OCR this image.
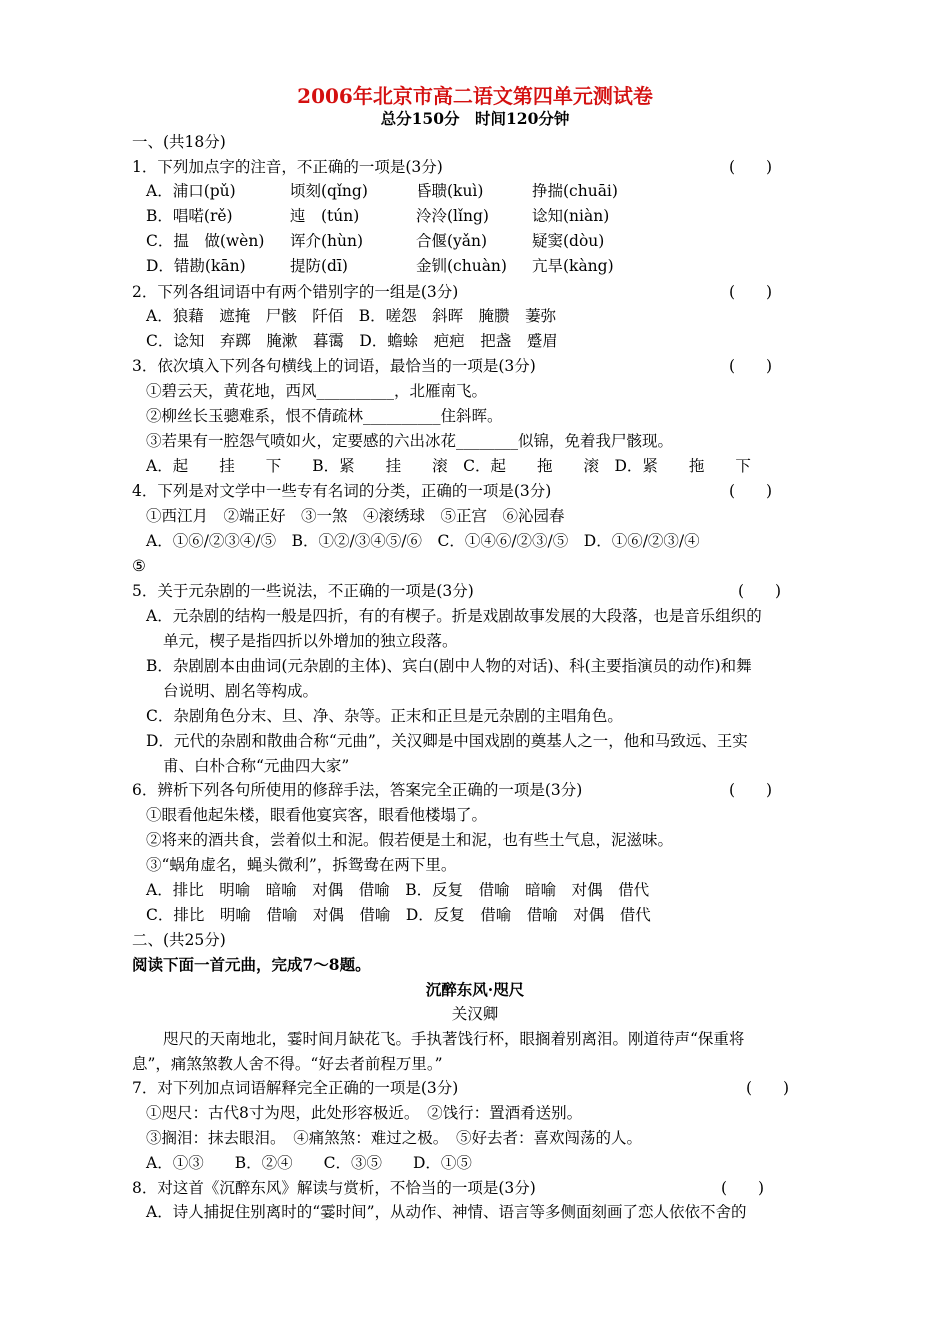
2006年北京市高二语文第四单元测试卷
总分150分　时间120分钟
一、(共18分)
1．下列加点字的注音，不正确的一项是(3分)	(　　)
A．浦口(pǔ)	顷刻(qǐng)	昏聩(kuì)	挣揣(chuāi)
B．唱喏(rě)	迍　(tún)	泠泠(lǐng)	谂知(niàn)
C．揾　做(wèn) 诨介(hùn)	合偃(yǎn)	疑窦(dòu)
D．错勘(kān)	提防(dī)	金钏(chuàn) 亢旱(kàng)
2．下列各组词语中有两个错别字的一组是(3分)	(　　)
A．狼藉　遮掩　尸骸　阡佰　B．嗟怨　斜晖　腌臜　萋弥
C．谂知　弃踯　腌漱　暮霭　D．蟾蜍　疤疤　把盏　蹙眉
3．依次填入下列各句横线上的词语，最恰当的一项是(3分)	(　　)
①碧云天，黄花地，西风__________，北雁南飞。
②柳丝长玉骢难系，恨不倩疏林__________住斜晖。
③若果有一腔怨气喷如火，定要感的六出冰花________似锦，免着我尸骸现。
A．起　　挂　　下　　B．紧　　挂　　滚　C．起　　拖　　滚　D．紧　　拖　　下
4．下列是对文学中一些专有名词的分类，正确的一项是(3分)	(　　)
①西江月　②端正好　③一煞　④滚绣球　⑤正宫　⑥沁园春
A．①⑥/②③④/⑤　B．①②/③④⑤/⑥　C．①④⑥/②③/⑤　D．①⑥/②③/④
⑤
5．关于元杂剧的一些说法，不正确的一项是(3分)	(　　)
A．元杂剧的结构一般是四折，有的有楔子。折是戏剧故事发展的大段落，也是音乐组织的
单元，楔子是指四折以外增加的独立段落。
B．杂剧剧本由曲词(元杂剧的主体)、宾白(剧中人物的对话)、科(主要指演员的动作)和舞
台说明、剧名等构成。
C．杂剧角色分末、旦、净、杂等。正末和正旦是元杂剧的主唱角色。
D．元代的杂剧和散曲合称“元曲”，关汉卿是中国戏剧的奠基人之一，他和马致远、王实
甫、白朴合称“元曲四大家”
6．辨析下列各句所使用的修辞手法，答案完全正确的一项是(3分)	(　　)
①眼看他起朱楼，眼看他宴宾客，眼看他楼塌了。
②将来的酒共食，尝着似土和泥。假若便是土和泥，也有些土气息，泥滋味。
③“蜗角虚名，蝇头微利”，拆鸳鸯在两下里。
A．排比　明喻　暗喻　对偶　借喻　B．反复　借喻　暗喻　对偶　借代
C．排比　明喻　借喻　对偶　借喻　D．反复　借喻　借喻　对偶　借代
二、(共25分)
阅读下面一首元曲，完成7～8题。
沉醉东风·咫尺
关汉卿
咫尺的天南地北，霎时间月缺花飞。手执著饯行杯，眼搁着别离泪。刚道待声“保重将
息”，痛煞煞教人舍不得。“好去者前程万里。”
7．对下列加点词语解释完全正确的一项是(3分)	(　　)
①咫尺：古代8寸为咫，此处形容极近。　②饯行：置酒肴送别。
③搁泪：抹去眼泪。　④痛煞煞：难过之极。　⑤好去者：喜欢闯荡的人。
A．①③　　B．②④　　C．③⑤　　D．①⑤
8．对这首《沉醉东风》解读与赏析，不恰当的一项是(3分)	(　　)
A．诗人捕捉住别离时的“霎时间”，从动作、神情、语言等多侧面刻画了恋人依依不舍的
